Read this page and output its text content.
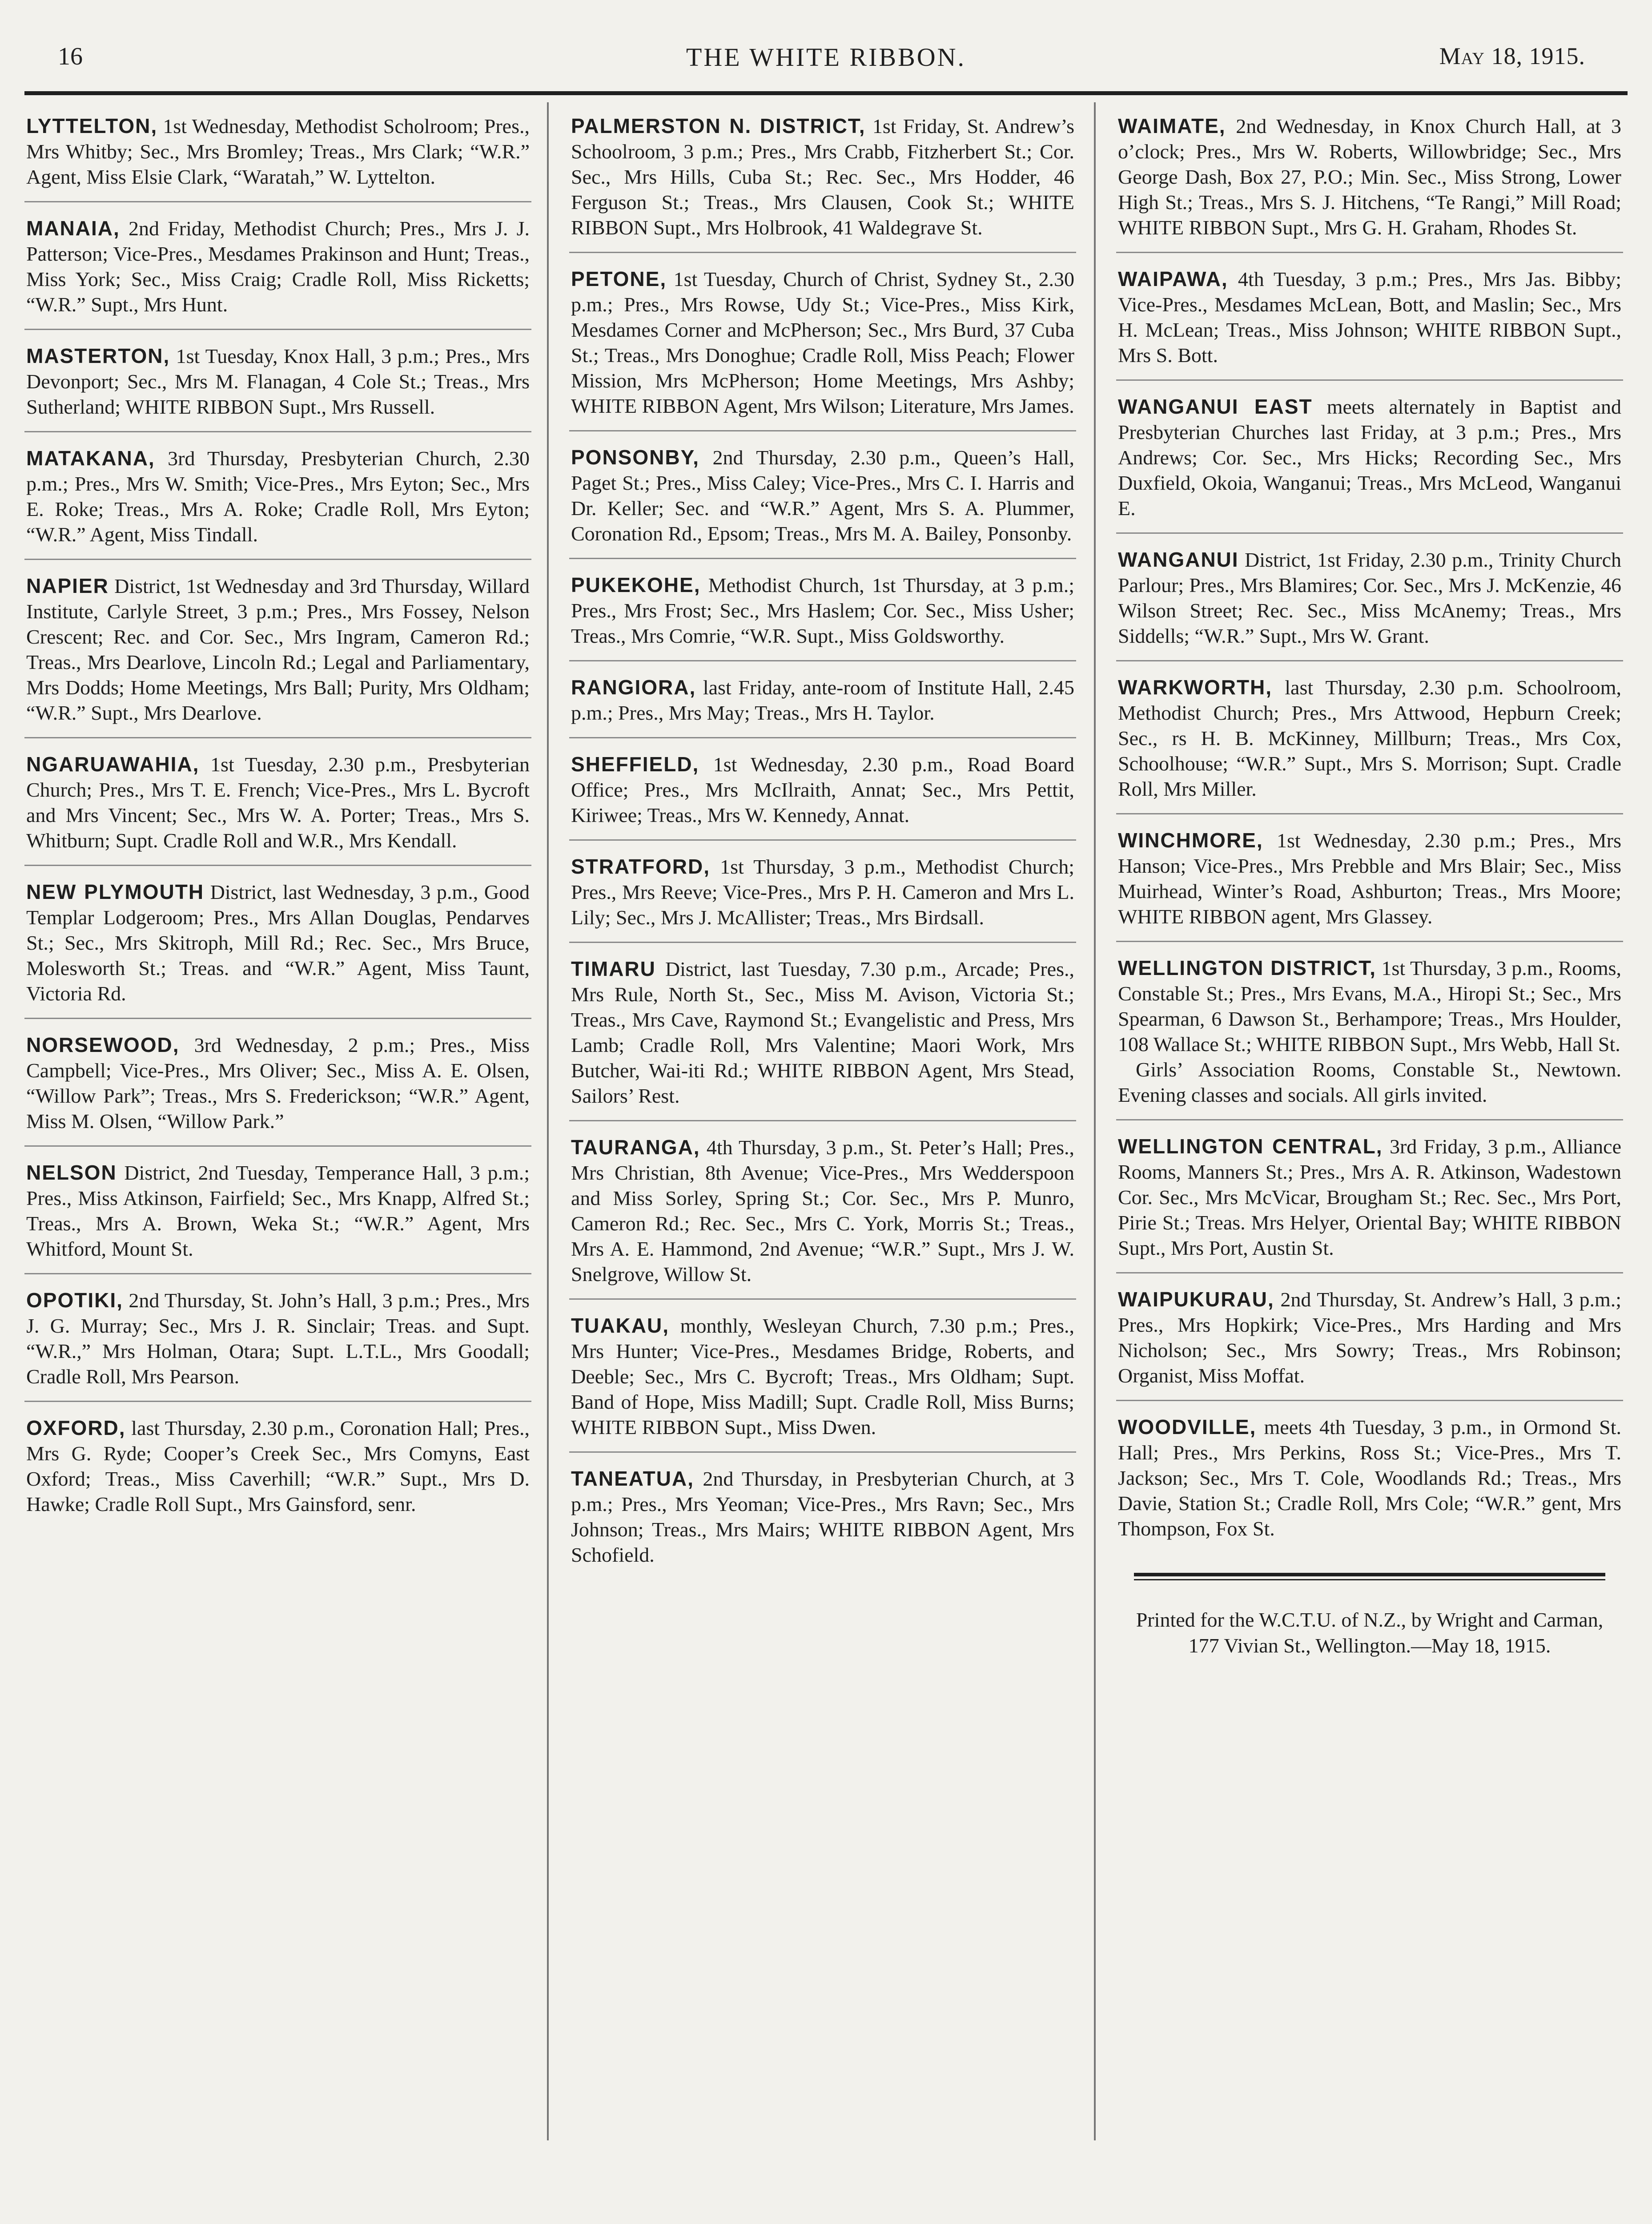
16	THE WHITE RIBBON.	May 18, 1915.
LYTTELTON, 1st Wednesday, Methodist Scholroom; Pres., Mrs Whitby; Sec., Mrs Bromley; Treas., Mrs Clark; “W.R.” Agent, Miss Elsie Clark, “Waratah,” W. Lyttelton.
MANAIA, 2nd Friday, Methodist Church; Pres., Mrs J. J. Patterson; Vice-Pres., Mesdames Prakinson and Hunt; Treas., Miss York; Sec., Miss Craig; Cradle Roll, Miss Ricketts; “W.R.” Supt., Mrs Hunt.
MASTERTON, 1st Tuesday, Knox Hall, 3 p.m.; Pres., Mrs Devonport; Sec., Mrs M. Flanagan, 4 Cole St.; Treas., Mrs Sutherland; WHITE RIBBON Supt., Mrs Russell.
MATAKANA, 3rd Thursday, Presbyterian Church, 2.30 p.m.; Pres., Mrs W. Smith; Vice-Pres., Mrs Eyton; Sec., Mrs E. Roke; Treas., Mrs A. Roke; Cradle Roll, Mrs Eyton; “W.R.” Agent, Miss Tindall.
NAPIER District, 1st Wednesday and 3rd Thursday, Willard Institute, Carlyle Street, 3 p.m.; Pres., Mrs Fossey, Nelson Crescent; Rec. and Cor. Sec., Mrs Ingram, Cameron Rd.; Treas., Mrs Dearlove, Lincoln Rd.; Legal and Parliamentary, Mrs Dodds; Home Meetings, Mrs Ball; Purity, Mrs Oldham; “W.R.” Supt., Mrs Dearlove.
NGARUAWAHIA, 1st Tuesday, 2.30 p.m., Presbyterian Church; Pres., Mrs T. E. French; Vice-Pres., Mrs L. Bycroft and Mrs Vincent; Sec., Mrs W. A. Porter; Treas., Mrs S. Whitburn; Supt. Cradle Roll and W.R., Mrs Kendall.
NEW PLYMOUTH District, last Wednesday, 3 p.m., Good Templar Lodgeroom; Pres., Mrs Allan Douglas, Pendarves St.; Sec., Mrs Skitroph, Mill Rd.; Rec. Sec., Mrs Bruce, Molesworth St.; Treas. and “W.R.” Agent, Miss Taunt, Victoria Rd.
NORSEWOOD, 3rd Wednesday, 2 p.m.; Pres., Miss Campbell; Vice-Pres., Mrs Oliver; Sec., Miss A. E. Olsen, “Willow Park”; Treas., Mrs S. Frederickson; “W.R.” Agent, Miss M. Olsen, “Willow Park.”
NELSON District, 2nd Tuesday, Temperance Hall, 3 p.m.; Pres., Miss Atkinson, Fairfield; Sec., Mrs Knapp, Alfred St.; Treas., Mrs A. Brown, Weka St.; “W.R.” Agent, Mrs Whitford, Mount St.
OPOTIKI, 2nd Thursday, St. John’s Hall, 3 p.m.; Pres., Mrs J. G. Murray; Sec., Mrs J. R. Sinclair; Treas. and Supt. “W.R.,” Mrs Holman, Otara; Supt. L.T.L., Mrs Goodall; Cradle Roll, Mrs Pearson.
OXFORD, last Thursday, 2.30 p.m., Coronation Hall; Pres., Mrs G. Ryde; Cooper’s Creek Sec., Mrs Comyns, East Oxford; Treas., Miss Caverhill; “W.R.” Supt., Mrs D. Hawke; Cradle Roll Supt., Mrs Gainsford, senr.
PALMERSTON N. DISTRICT, 1st Friday, St. Andrew’s Schoolroom, 3 p.m.; Pres., Mrs Crabb, Fitzherbert St.; Cor. Sec., Mrs Hills, Cuba St.; Rec. Sec., Mrs Hodder, 46 Ferguson St.; Treas., Mrs Clausen, Cook St.; WHITE RIBBON Supt., Mrs Holbrook, 41 Waldegrave St.
PETONE, 1st Tuesday, Church of Christ, Sydney St., 2.30 p.m.; Pres., Mrs Rowse, Udy St.; Vice-Pres., Miss Kirk, Mesdames Corner and McPherson; Sec., Mrs Burd, 37 Cuba St.; Treas., Mrs Donoghue; Cradle Roll, Miss Peach; Flower Mission, Mrs McPherson; Home Meetings, Mrs Ashby; WHITE RIBBON Agent, Mrs Wilson; Literature, Mrs James.
PONSONBY, 2nd Thursday, 2.30 p.m., Queen’s Hall, Paget St.; Pres., Miss Caley; Vice-Pres., Mrs C. I. Harris and Dr. Keller; Sec. and “W.R.” Agent, Mrs S. A. Plummer, Coronation Rd., Epsom; Treas., Mrs M. A. Bailey, Ponsonby.
PUKEKOHE, Methodist Church, 1st Thursday, at 3 p.m.; Pres., Mrs Frost; Sec., Mrs Haslem; Cor. Sec., Miss Usher; Treas., Mrs Comrie, “W.R. Supt., Miss Goldsworthy.
RANGIORA, last Friday, ante-room of Institute Hall, 2.45 p.m.; Pres., Mrs May; Treas., Mrs H. Taylor.
SHEFFIELD, 1st Wednesday, 2.30 p.m., Road Board Office; Pres., Mrs McIlraith, Annat; Sec., Mrs Pettit, Kiriwee; Treas., Mrs W. Kennedy, Annat.
STRATFORD, 1st Thursday, 3 p.m., Methodist Church; Pres., Mrs Reeve; Vice-Pres., Mrs P. H. Cameron and Mrs L. Lily; Sec., Mrs J. McAllister; Treas., Mrs Birdsall.
TIMARU District, last Tuesday, 7.30 p.m., Arcade; Pres., Mrs Rule, North St., Sec., Miss M. Avison, Victoria St.; Treas., Mrs Cave, Raymond St.; Evangelistic and Press, Mrs Lamb; Cradle Roll, Mrs Valentine; Maori Work, Mrs Butcher, Wai-iti Rd.; WHITE RIBBON Agent, Mrs Stead, Sailors’ Rest.
TAURANGA, 4th Thursday, 3 p.m., St. Peter’s Hall; Pres., Mrs Christian, 8th Avenue; Vice-Pres., Mrs Wedderspoon and Miss Sorley, Spring St.; Cor. Sec., Mrs P. Munro, Cameron Rd.; Rec. Sec., Mrs C. York, Morris St.; Treas., Mrs A. E. Hammond, 2nd Avenue; “W.R.” Supt., Mrs J. W. Snelgrove, Willow St.
TUAKAU, monthly, Wesleyan Church, 7.30 p.m.; Pres., Mrs Hunter; Vice-Pres., Mesdames Bridge, Roberts, and Deeble; Sec., Mrs C. Bycroft; Treas., Mrs Oldham; Supt. Band of Hope, Miss Madill; Supt. Cradle Roll, Miss Burns; WHITE RIBBON Supt., Miss Dwen.
TANEATUA, 2nd Thursday, in Presbyterian Church, at 3 p.m.; Pres., Mrs Yeoman; Vice-Pres., Mrs Ravn; Sec., Mrs Johnson; Treas., Mrs Mairs; WHITE RIBBON Agent, Mrs Schofield.
WAIMATE, 2nd Wednesday, in Knox Church Hall, at 3 o’clock; Pres., Mrs W. Roberts, Willowbridge; Sec., Mrs George Dash, Box 27, P.O.; Min. Sec., Miss Strong, Lower High St.; Treas., Mrs S. J. Hitchens, “Te Rangi,” Mill Road; WHITE RIBBON Supt., Mrs G. H. Graham, Rhodes St.
WAIPAWA, 4th Tuesday, 3 p.m.; Pres., Mrs Jas. Bibby; Vice-Pres., Mesdames McLean, Bott, and Maslin; Sec., Mrs H. McLean; Treas., Miss Johnson; WHITE RIBBON Supt., Mrs S. Bott.
WANGANUI EAST meets alternately in Baptist and Presbyterian Churches last Friday, at 3 p.m.; Pres., Mrs Andrews; Cor. Sec., Mrs Hicks; Recording Sec., Mrs Duxfield, Okoia, Wanganui; Treas., Mrs McLeod, Wanganui E.
WANGANUI District, 1st Friday, 2.30 p.m., Trinity Church Parlour; Pres., Mrs Blamires; Cor. Sec., Mrs J. McKenzie, 46 Wilson Street; Rec. Sec., Miss McAnemy; Treas., Mrs Siddells; “W.R.” Supt., Mrs W. Grant.
WARKWORTH, last Thursday, 2.30 p.m. Schoolroom, Methodist Church; Pres., Mrs Attwood, Hepburn Creek; Sec., rs H. B. McKinney, Millburn; Treas., Mrs Cox, Schoolhouse; “W.R.” Supt., Mrs S. Morrison; Supt. Cradle Roll, Mrs Miller.
WINCHMORE, 1st Wednesday, 2.30 p.m.; Pres., Mrs Hanson; Vice-Pres., Mrs Prebble and Mrs Blair; Sec., Miss Muirhead, Winter’s Road, Ashburton; Treas., Mrs Moore; WHITE RIBBON agent, Mrs Glassey.
WELLINGTON DISTRICT, 1st Thursday, 3 p.m., Rooms, Constable St.; Pres., Mrs Evans, M.A., Hiropi St.; Sec., Mrs Spearman, 6 Dawson St., Berhampore; Treas., Mrs Houlder, 108 Wallace St.; WHITE RIBBON Supt., Mrs Webb, Hall St.
Girls’ Association Rooms, Constable St., Newtown. Evening classes and socials. All girls invited.
WELLINGTON CENTRAL, 3rd Friday, 3 p.m., Alliance Rooms, Manners St.; Pres., Mrs A. R. Atkinson, Wadestown Cor. Sec., Mrs McVicar, Brougham St.; Rec. Sec., Mrs Port, Pirie St.; Treas. Mrs Helyer, Oriental Bay; WHITE RIBBON Supt., Mrs Port, Austin St.
WAIPUKURAU, 2nd Thursday, St. Andrew’s Hall, 3 p.m.; Pres., Mrs Hopkirk; Vice-Pres., Mrs Harding and Mrs Nicholson; Sec., Mrs Sowry; Treas., Mrs Robinson; Organist, Miss Moffat.
WOODVILLE, meets 4th Tuesday, 3 p.m., in Ormond St. Hall; Pres., Mrs Perkins, Ross St.; Vice-Pres., Mrs T. Jackson; Sec., Mrs T. Cole, Woodlands Rd.; Treas., Mrs Davie, Station St.; Cradle Roll, Mrs Cole; “W.R.” gent, Mrs Thompson, Fox St.
Printed for the W.C.T.U. of N.Z., by Wright and Carman, 177 Vivian St., Wellington.—May 18, 1915.
